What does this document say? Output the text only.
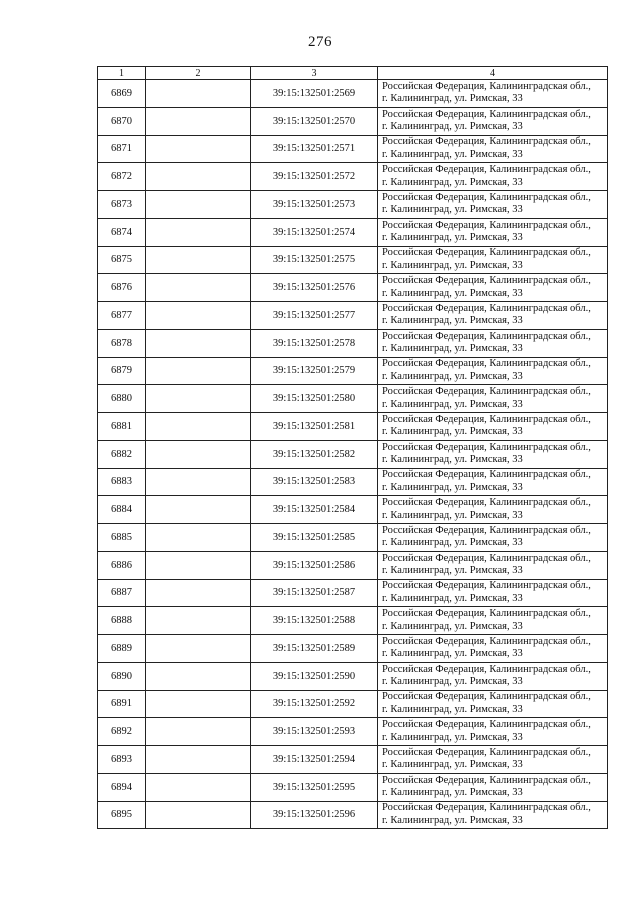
276
1	2	3	4
6869		39:15:132501:2569	Российская Федерация, Калининградская обл.,
г. Калининград, ул. Римская, 33

6870		39:15:132501:2570	Российская Федерация, Калининградская обл.,
г. Калининград, ул. Римская, 33

6871		39:15:132501:2571	Российская Федерация, Калининградская обл.,
г. Калининград, ул. Римская, 33

6872		39:15:132501:2572	Российская Федерация, Калининградская обл.,
г. Калининград, ул. Римская, 33

6873		39:15:132501:2573	Российская Федерация, Калининградская обл.,
г. Калининград, ул. Римская, 33

6874		39:15:132501:2574	Российская Федерация, Калининградская обл.,
г. Калининград, ул. Римская, 33

6875		39:15:132501:2575	Российская Федерация, Калининградская обл.,
г. Калининград, ул. Римская, 33

6876		39:15:132501:2576	Российская Федерация, Калининградская обл.,
г. Калининград, ул. Римская, 33

6877		39:15:132501:2577	Российская Федерация, Калининградская обл.,
г. Калининград, ул. Римская, 33

6878		39:15:132501:2578	Российская Федерация, Калининградская обл.,
г. Калининград, ул. Римская, 33

6879		39:15:132501:2579	Российская Федерация, Калининградская обл.,
г. Калининград, ул. Римская, 33

6880		39:15:132501:2580	Российская Федерация, Калининградская обл.,
г. Калининград, ул. Римская, 33

6881		39:15:132501:2581	Российская Федерация, Калининградская обл.,
г. Калининград, ул. Римская, 33

6882		39:15:132501:2582	Российская Федерация, Калининградская обл.,
г. Калининград, ул. Римская, 33

6883		39:15:132501:2583	Российская Федерация, Калининградская обл.,
г. Калининград, ул. Римская, 33

6884		39:15:132501:2584	Российская Федерация, Калининградская обл.,
г. Калининград, ул. Римская, 33

6885		39:15:132501:2585	Российская Федерация, Калининградская обл.,
г. Калининград, ул. Римская, 33

6886		39:15:132501:2586	Российская Федерация, Калининградская обл.,
г. Калининград, ул. Римская, 33

6887		39:15:132501:2587	Российская Федерация, Калининградская обл.,
г. Калининград, ул. Римская, 33

6888		39:15:132501:2588	Российская Федерация, Калининградская обл.,
г. Калининград, ул. Римская, 33

6889		39:15:132501:2589	Российская Федерация, Калининградская обл.,
г. Калининград, ул. Римская, 33

6890		39:15:132501:2590	Российская Федерация, Калининградская обл.,
г. Калининград, ул. Римская, 33

6891		39:15:132501:2592	Российская Федерация, Калининградская обл.,
г. Калининград, ул. Римская, 33

6892		39:15:132501:2593	Российская Федерация, Калининградская обл.,
г. Калининград, ул. Римская, 33

6893		39:15:132501:2594	Российская Федерация, Калининградская обл.,
г. Калининград, ул. Римская, 33

6894		39:15:132501:2595	Российская Федерация, Калининградская обл.,
г. Калининград, ул. Римская, 33

6895		39:15:132501:2596	Российская Федерация, Калининградская обл.,
г. Калининград, ул. Римская, 33
